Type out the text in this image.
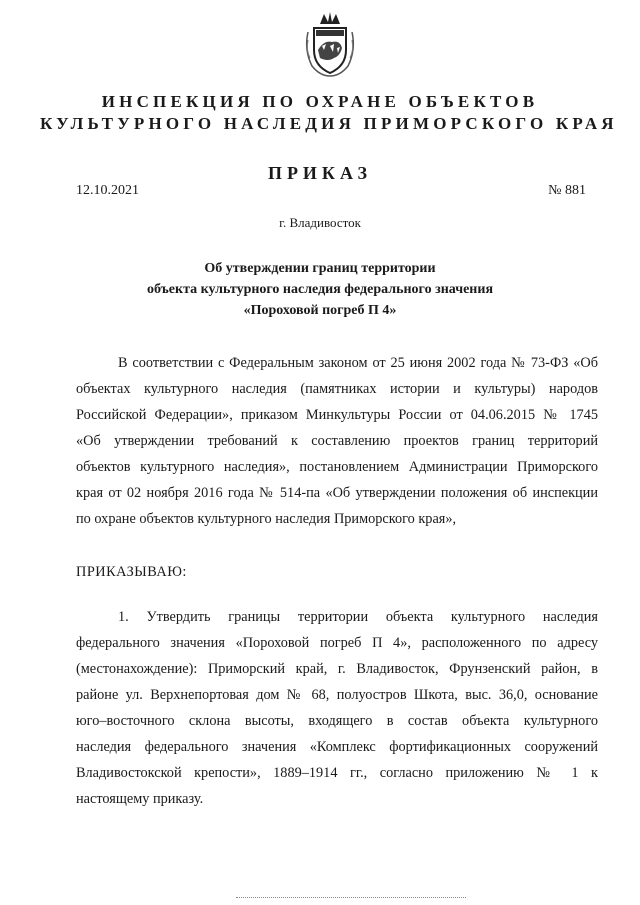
ИНСПЕКЦИЯ ПО ОХРАНЕ ОБЪЕКТОВ
КУЛЬТУРНОГО НАСЛЕДИЯ ПРИМОРСКОГО КРАЯ
ПРИКАЗ
12.10.2021	№ 881
г. Владивосток
Об утверждении границ территории
объекта культурного наследия федерального значения
«Пороховой погреб П 4»
В соответствии с Федеральным законом от 25 июня 2002 года № 73-ФЗ «Об
объектах культурного наследия (памятниках истории и культуры) народов
Российской Федерации», приказом Минкультуры России от 04.06.2015 № 1745
«Об утверждении требований к составлению проектов границ территорий
объектов культурного наследия», постановлением Администрации Приморского
края от 02 ноября 2016 года № 514-па «Об утверждении положения об инспекции
по охране объектов культурного наследия Приморского края»,
ПРИКАЗЫВАЮ:
1. Утвердить границы территории объекта культурного наследия
федерального значения «Пороховой погреб П 4», расположенного по адресу
(местонахождение): Приморский край, г. Владивосток, Фрунзенский район, в
районе ул. Верхнепортовая дом № 68, полуостров Шкота, выс. 36,0, основание
юго–восточного склона высоты, входящего в состав объекта культурного
наследия федерального значения «Комплекс фортификационных сооружений
Владивостокской крепости», 1889–1914 гг., согласно приложению № 1 к
настоящему приказу.
